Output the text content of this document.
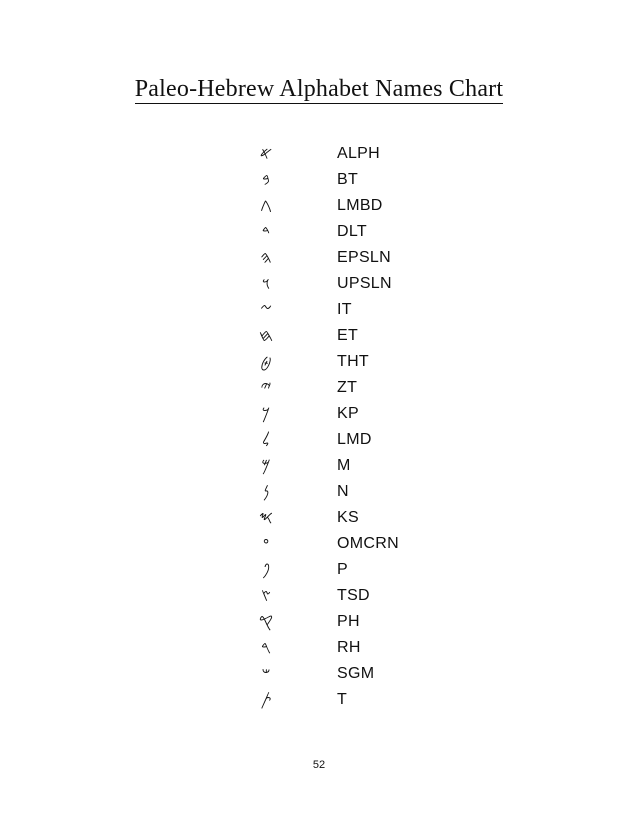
Paleo-Hebrew Alphabet Names Chart
𐤀	ALPH
𐤁	BT
𐤂	LMBD
𐤃	DLT
𐤄	EPSLN
𐤅	UPSLN
𐤆	IT
𐤇	ET
𐤈	THT
𐤉	ZT
𐤊	KP
𐤋	LMD
𐤌	M
𐤍	N
𐤎	KS
𐤏	OMCRN
𐤐	P
𐤑	TSD
𐤒	PH
𐤓	RH
𐤔	SGM
𐤕	T
52
